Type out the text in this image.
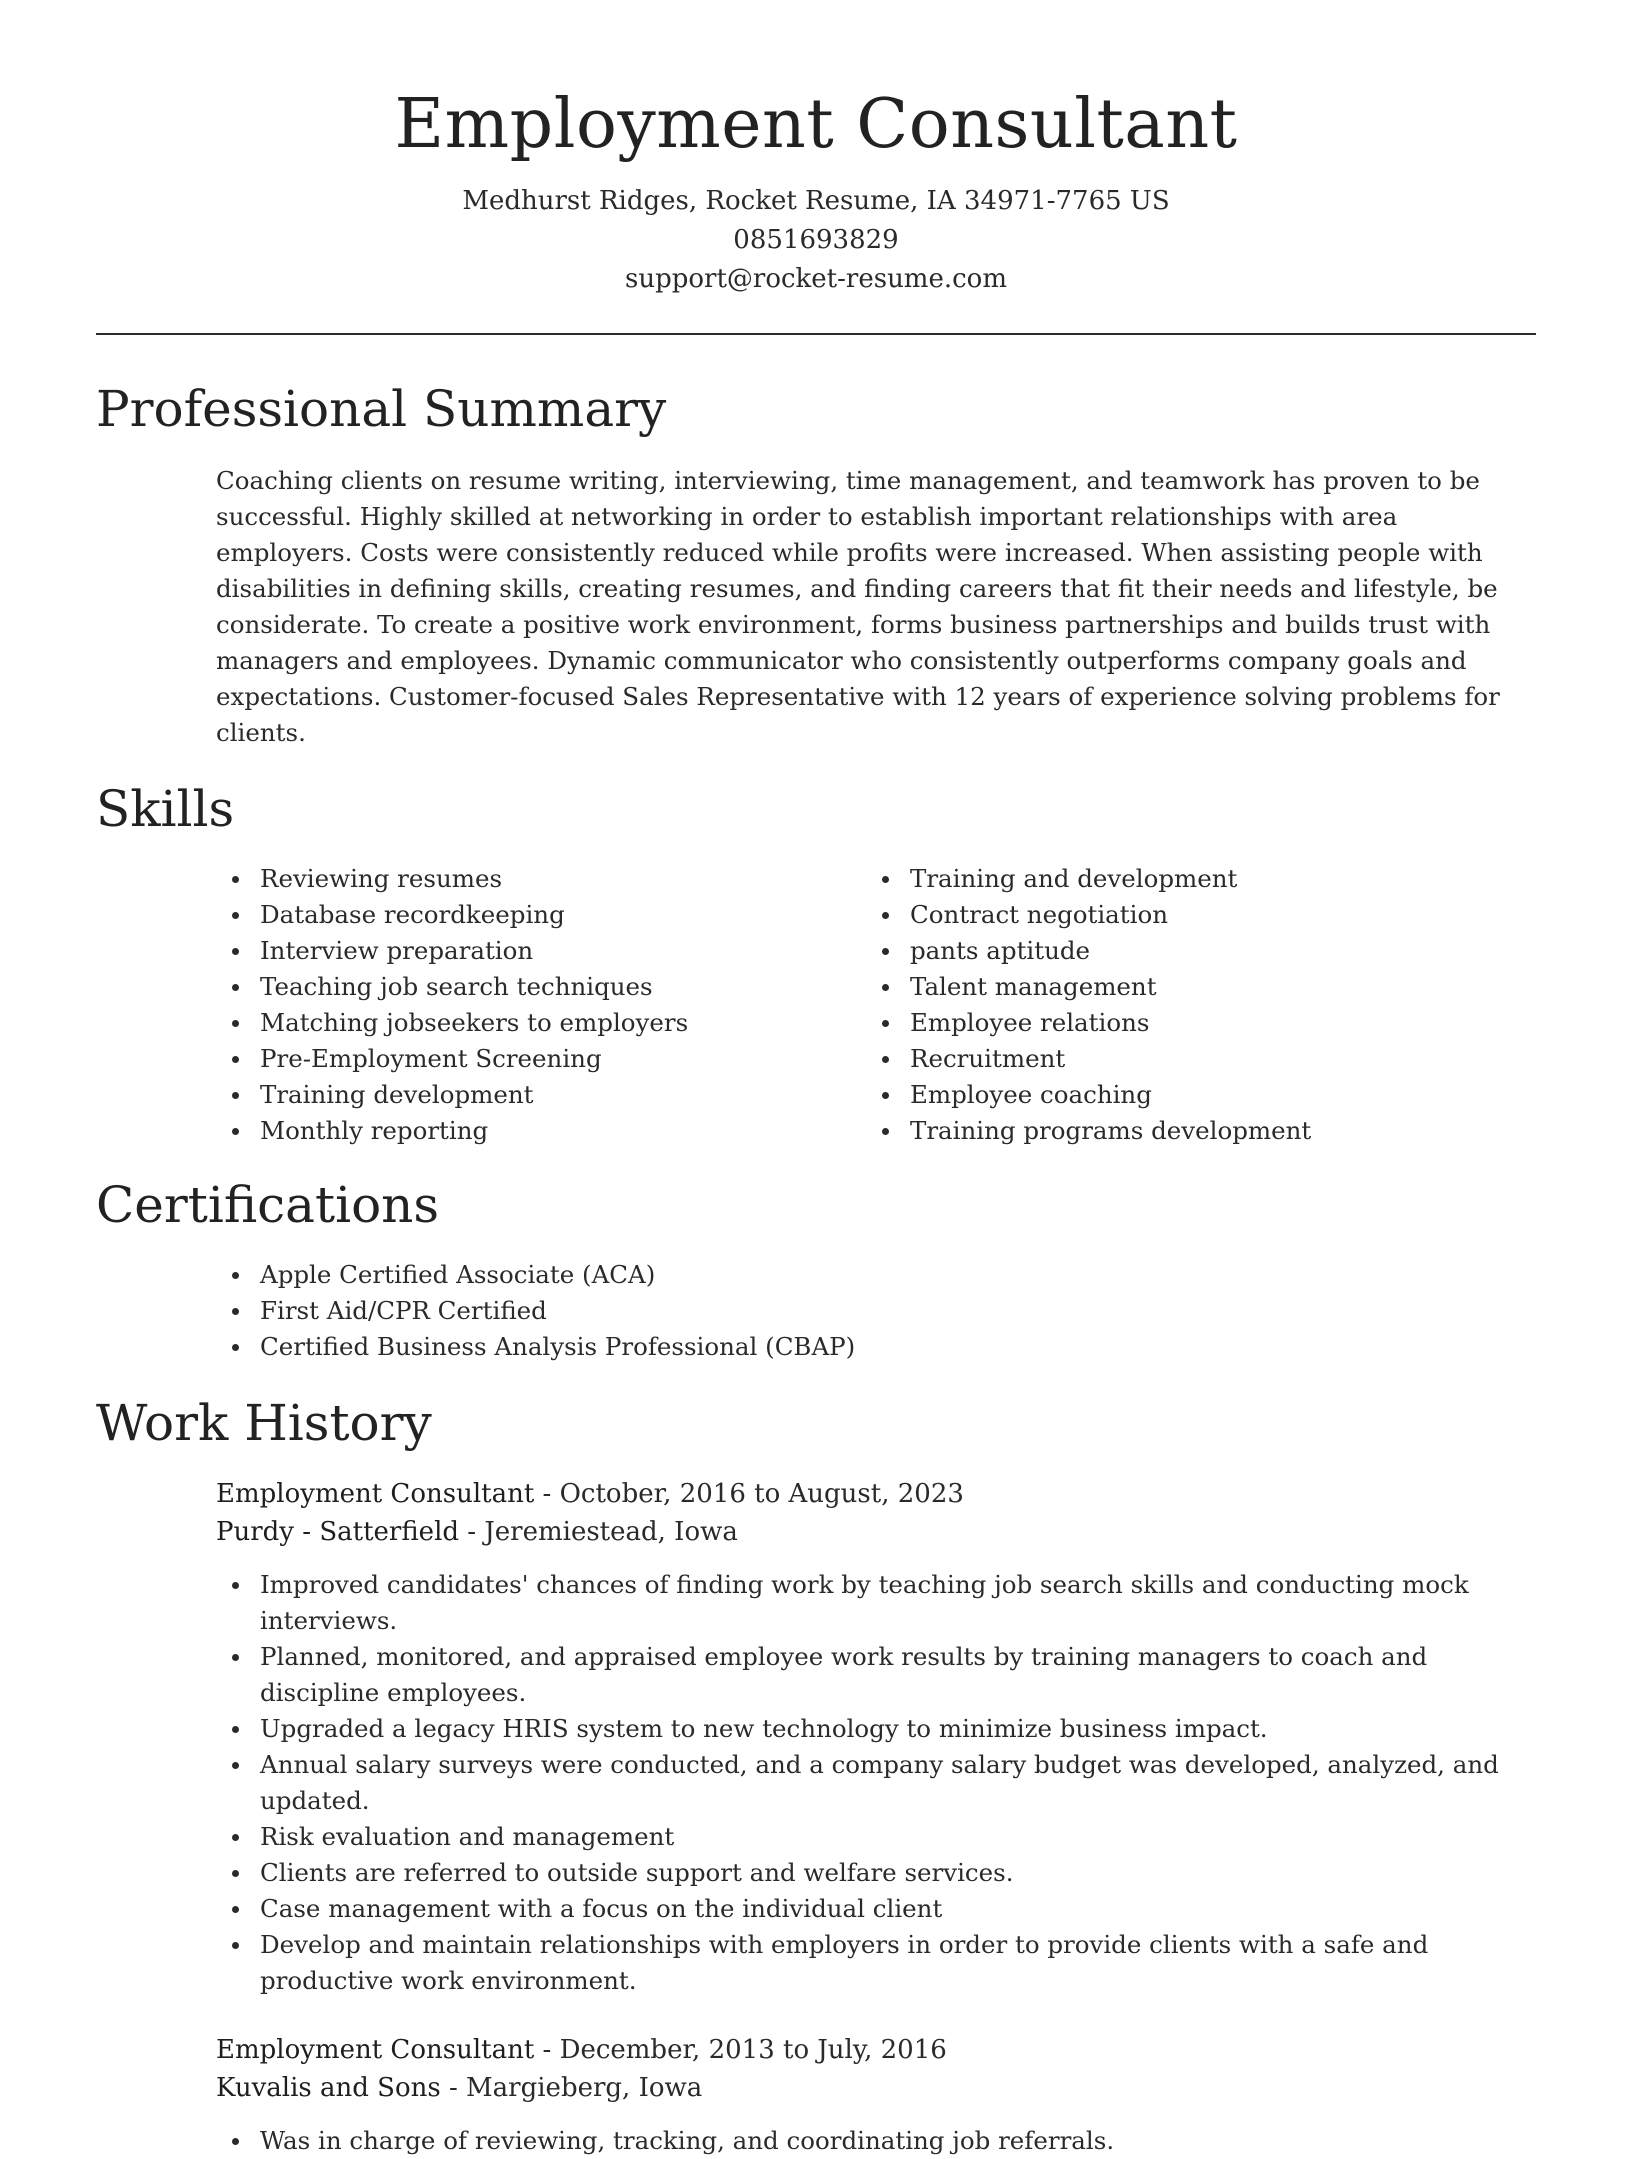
Employment Consultant
Medhurst Ridges, Rocket Resume, IA 34971-7765 US
0851693829
support@rocket-resume.com
Professional Summary

Coaching clients on resume writing, interviewing, time management, and teamwork has proven to be successful. Highly skilled at networking in order to establish important relationships with area employers. Costs were consistently reduced while profits were increased. When assisting people with disabilities in defining skills, creating resumes, and finding careers that fit their needs and lifestyle, be considerate. To create a positive work environment, forms business partnerships and builds trust with managers and employees. Dynamic communicator who consistently outperforms company goals and expectations. Customer-focused Sales Representative with 12 years of experience solving problems for clients.

Skills
Reviewing resumes
Database recordkeeping
Interview preparation
Teaching job search techniques
Matching jobseekers to employers
Pre-Employment Screening
Training development
Monthly reporting
Training and development
Contract negotiation
pants aptitude
Talent management
Employee relations
Recruitment
Employee coaching
Training programs development
Certifications
Apple Certified Associate (ACA)
First Aid/CPR Certified
Certified Business Analysis Professional (CBAP)
Work History
Employment Consultant - October, 2016 to August, 2023
Purdy - Satterfield - Jeremiestead, Iowa
Improved candidates' chances of finding work by teaching job search skills and conducting mock interviews.
Planned, monitored, and appraised employee work results by training managers to coach and discipline employees.
Upgraded a legacy HRIS system to new technology to minimize business impact.
Annual salary surveys were conducted, and a company salary budget was developed, analyzed, and updated.
Risk evaluation and management
Clients are referred to outside support and welfare services.
Case management with a focus on the individual client
Develop and maintain relationships with employers in order to provide clients with a safe and productive work environment.
Employment Consultant - December, 2013 to July, 2016
Kuvalis and Sons - Margieberg, Iowa
Was in charge of reviewing, tracking, and coordinating job referrals.
